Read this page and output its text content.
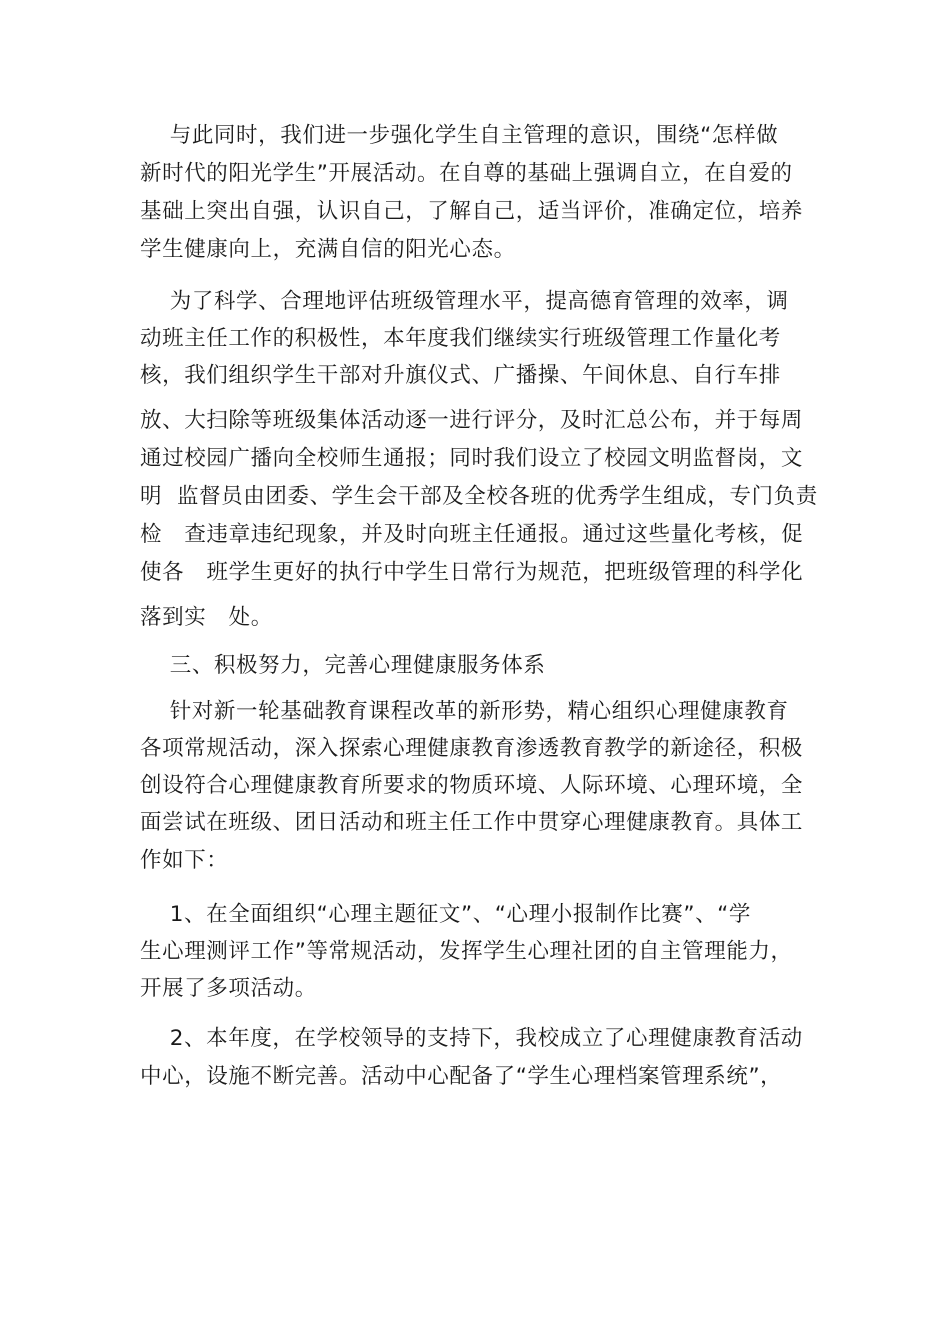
与此同时，我们进一步强化学生自主管理的意识，围绕“怎样做
新时代的阳光学生”开展活动。在自尊的基础上强调自立，在自爱的
基础上突出自强，认识自己，了解自己，适当评价，准确定位，培养
学生健康向上，充满自信的阳光心态。
为了科学、合理地评估班级管理水平，提高德育管理的效率，调
动班主任工作的积极性，本年度我们继续实行班级管理工作量化考
核，我们组织学生干部对升旗仪式、广播操、午间休息、自行车排
放、大扫除等班级集体活动逐一进行评分，及时汇总公布，并于每周
通过校园广播向全校师生通报；同时我们设立了校园文明监督岗，文
明  监督员由团委、学生会干部及全校各班的优秀学生组成，专门负责
检   查违章违纪现象，并及时向班主任通报。通过这些量化考核，促
使各   班学生更好的执行中学生日常行为规范，把班级管理的科学化
落到实   处。
三、积极努力，完善心理健康服务体系
针对新一轮基础教育课程改革的新形势，精心组织心理健康教育
各项常规活动，深入探索心理健康教育渗透教育教学的新途径，积极
创设符合心理健康教育所要求的物质环境、人际环境、心理环境，全
面尝试在班级、团日活动和班主任工作中贯穿心理健康教育。具体工
作如下：
1、在全面组织“心理主题征文”、“心理小报制作比赛”、“学
生心理测评工作”等常规活动，发挥学生心理社团的自主管理能力，
开展了多项活动。
2、本年度，在学校领导的支持下，我校成立了心理健康教育活动
中心，设施不断完善。活动中心配备了“学生心理档案管理系统”，
